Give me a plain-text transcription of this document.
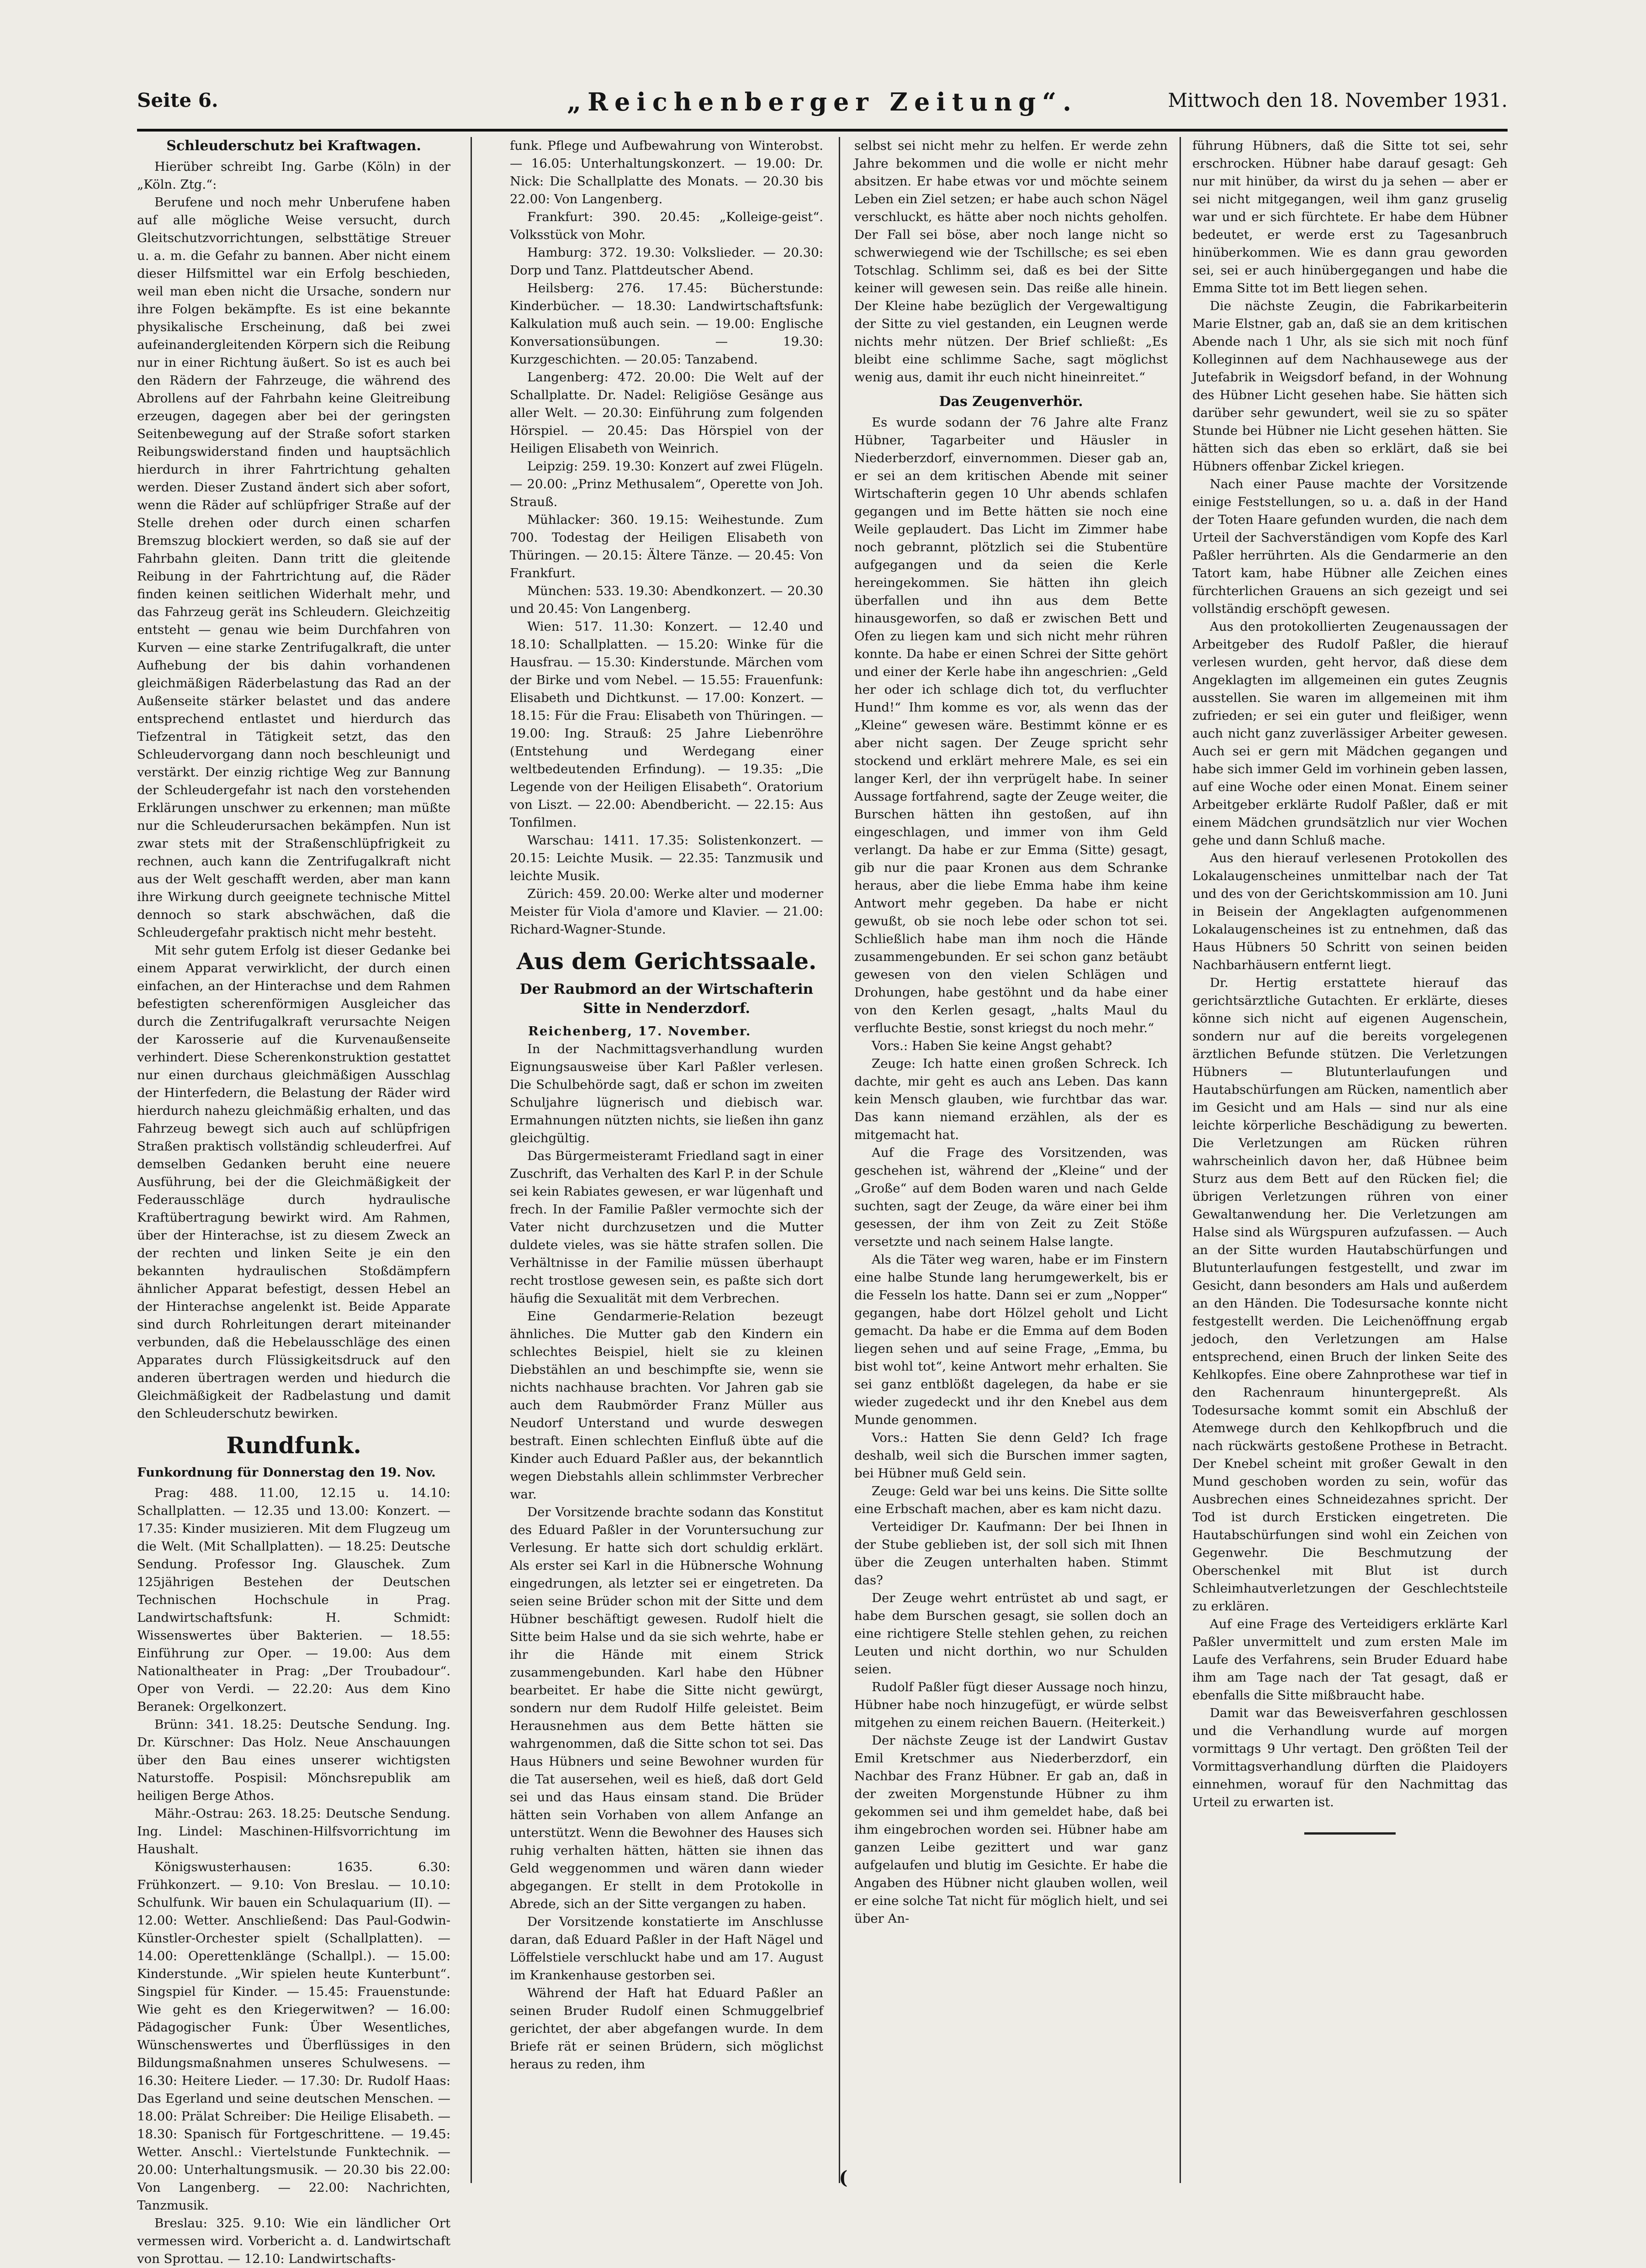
Seite 6.	„Reichenberger Zeitung“.	Mittwoch den 18. November 1931.
Schleuderschutz bei Kraftwagen.

Hierüber schreibt Ing. Garbe (Köln) in der „Köln. Ztg.“:

Berufene und noch mehr Unberufene haben auf alle mögliche Weise versucht, durch Gleitschutzvorrichtungen, selbsttätige Streuer u. a. m. die Gefahr zu bannen. Aber nicht einem dieser Hilfsmittel war ein Erfolg beschieden, weil man eben nicht die Ursache, sondern nur ihre Folgen bekämpfte. Es ist eine bekannte physikalische Erscheinung, daß bei zwei aufeinandergleitenden Körpern sich die Reibung nur in einer Richtung äußert. So ist es auch bei den Rädern der Fahrzeuge, die während des Abrollens auf der Fahrbahn keine Gleitreibung erzeugen, dagegen aber bei der geringsten Seitenbewegung auf der Straße sofort starken Reibungswiderstand finden und hauptsächlich hierdurch in ihrer Fahrtrichtung gehalten werden. Dieser Zustand ändert sich aber sofort, wenn die Räder auf schlüpfriger Straße auf der Stelle drehen oder durch einen scharfen Bremszug blockiert werden, so daß sie auf der Fahrbahn gleiten. Dann tritt die gleitende Reibung in der Fahrtrichtung auf, die Räder finden keinen seitlichen Widerhalt mehr, und das Fahrzeug gerät ins Schleudern. Gleichzeitig entsteht — genau wie beim Durchfahren von Kurven — eine starke Zentrifugalkraft, die unter Aufhebung der bis dahin vorhandenen gleichmäßigen Räderbelastung das Rad an der Außenseite stärker belastet und das andere entsprechend entlastet und hierdurch das Tiefzentral in Tätigkeit setzt, das den Schleudervorgang dann noch beschleunigt und verstärkt. Der einzig richtige Weg zur Bannung der Schleudergefahr ist nach den vorstehenden Erklärungen unschwer zu erkennen; man müßte nur die Schleuderursachen bekämpfen. Nun ist zwar stets mit der Straßenschlüpfrigkeit zu rechnen, auch kann die Zentrifugalkraft nicht aus der Welt geschafft werden, aber man kann ihre Wirkung durch geeignete technische Mittel dennoch so stark abschwächen, daß die Schleudergefahr praktisch nicht mehr besteht.

Mit sehr gutem Erfolg ist dieser Gedanke bei einem Apparat verwirklicht, der durch einen einfachen, an der Hinterachse und dem Rahmen befestigten scherenförmigen Ausgleicher das durch die Zentrifugalkraft verursachte Neigen der Karosserie auf die Kurvenaußenseite verhindert. Diese Scherenkonstruktion gestattet nur einen durchaus gleichmäßigen Ausschlag der Hinterfedern, die Belastung der Räder wird hierdurch nahezu gleichmäßig erhalten, und das Fahrzeug bewegt sich auch auf schlüpfrigen Straßen praktisch vollständig schleuderfrei. Auf demselben Gedanken beruht eine neuere Ausführung, bei der die Gleichmäßigkeit der Federausschläge durch hydraulische Kraftübertragung bewirkt wird. Am Rahmen, über der Hinterachse, ist zu diesem Zweck an der rechten und linken Seite je ein den bekannten hydraulischen Stoßdämpfern ähnlicher Apparat befestigt, dessen Hebel an der Hinterachse angelenkt ist. Beide Apparate sind durch Rohrleitungen derart miteinander verbunden, daß die Hebelausschläge des einen Apparates durch Flüssigkeitsdruck auf den anderen übertragen werden und hiedurch die Gleichmäßigkeit der Radbelastung und damit den Schleuderschutz bewirken.

Rundfunk.

Funkordnung für Donnerstag den 19. Nov.

Prag: 488. 11.00, 12.15 u. 14.10: Schallplatten. — 12.35 und 13.00: Konzert. — 17.35: Kinder musizieren. Mit dem Flugzeug um die Welt. (Mit Schallplatten). — 18.25: Deutsche Sendung. Professor Ing. Glauschek. Zum 125jährigen Bestehen der Deutschen Technischen Hochschule in Prag. Landwirtschaftsfunk: H. Schmidt: Wissenswertes über Bakterien. — 18.55: Einführung zur Oper. — 19.00: Aus dem Nationaltheater in Prag: „Der Troubadour“. Oper von Verdi. — 22.20: Aus dem Kino Beranek: Orgelkonzert.

Brünn: 341. 18.25: Deutsche Sendung. Ing. Dr. Kürschner: Das Holz. Neue Anschauungen über den Bau eines unserer wichtigsten Naturstoffe. Pospisil: Mönchsrepublik am heiligen Berge Athos.

Mähr.-Ostrau: 263. 18.25: Deutsche Sendung. Ing. Lindel: Maschinen-Hilfsvorrichtung im Haushalt.

Königswusterhausen: 1635. 6.30: Frühkonzert. — 9.10: Von Breslau. — 10.10: Schulfunk. Wir bauen ein Schulaquarium (II). — 12.00: Wetter. Anschließend: Das Paul-Godwin-Künstler-Orchester spielt (Schallplatten). — 14.00: Operettenklänge (Schallpl.). — 15.00: Kinderstunde. „Wir spielen heute Kunterbunt“. Singspiel für Kinder. — 15.45: Frauenstunde: Wie geht es den Kriegerwitwen? — 16.00: Pädagogischer Funk: Über Wesentliches, Wünschenswertes und Überflüssiges in den Bildungsmaßnahmen unseres Schulwesens. — 16.30: Heitere Lieder. — 17.30: Dr. Rudolf Haas: Das Egerland und seine deutschen Menschen. — 18.00: Prälat Schreiber: Die Heilige Elisabeth. — 18.30: Spanisch für Fortgeschrittene. — 19.45: Wetter. Anschl.: Viertelstunde Funktechnik. — 20.00: Unterhaltungsmusik. — 20.30 bis 22.00: Von Langenberg. — 22.00: Nachrichten, Tanzmusik.

Breslau: 325. 9.10: Wie ein ländlicher Ort vermessen wird. Vorbericht a. d. Landwirtschaft von Sprottau. — 12.10: Landwirtschafts-

funk. Pflege und Aufbewahrung von Winterobst. — 16.05: Unterhaltungskonzert. — 19.00: Dr. Nick: Die Schallplatte des Monats. — 20.30 bis 22.00: Von Langenberg.

Frankfurt: 390. 20.45: „Kolleige-geist“. Volksstück von Mohr.

Hamburg: 372. 19.30: Volkslieder. — 20.30: Dorp und Tanz. Plattdeutscher Abend.

Heilsberg: 276. 17.45: Bücherstunde: Kinderbücher. — 18.30: Landwirtschaftsfunk: Kalkulation muß auch sein. — 19.00: Englische Konversationsübungen. — 19.30: Kurzgeschichten. — 20.05: Tanzabend.

Langenberg: 472. 20.00: Die Welt auf der Schallplatte. Dr. Nadel: Religiöse Gesänge aus aller Welt. — 20.30: Einführung zum folgenden Hörspiel. — 20.45: Das Hörspiel von der Heiligen Elisabeth von Weinrich.

Leipzig: 259. 19.30: Konzert auf zwei Flügeln. — 20.00: „Prinz Methusalem“, Operette von Joh. Strauß.

Mühlacker: 360. 19.15: Weihestunde. Zum 700. Todestag der Heiligen Elisabeth von Thüringen. — 20.15: Ältere Tänze. — 20.45: Von Frankfurt.

München: 533. 19.30: Abendkonzert. — 20.30 und 20.45: Von Langenberg.

Wien: 517. 11.30: Konzert. — 12.40 und 18.10: Schallplatten. — 15.20: Winke für die Hausfrau. — 15.30: Kinderstunde. Märchen vom der Birke und vom Nebel. — 15.55: Frauenfunk: Elisabeth und Dichtkunst. — 17.00: Konzert. — 18.15: Für die Frau: Elisabeth von Thüringen. — 19.00: Ing. Strauß: 25 Jahre Liebenröhre (Entstehung und Werdegang einer weltbedeutenden Erfindung). — 19.35: „Die Legende von der Heiligen Elisabeth“. Oratorium von Liszt. — 22.00: Abendbericht. — 22.15: Aus Tonfilmen.

Warschau: 1411. 17.35: Solistenkonzert. — 20.15: Leichte Musik. — 22.35: Tanzmusik und leichte Musik.

Zürich: 459. 20.00: Werke alter und moderner Meister für Viola d'amore und Klavier. — 21.00: Richard-Wagner-Stunde.

Aus dem Gerichtssaale.
Der Raubmord an der Wirtschafterin Sitte in Nenderzdorf.

Reichenberg, 17. November.

In der Nachmittagsverhandlung wurden Eignungsausweise über Karl Paßler verlesen. Die Schulbehörde sagt, daß er schon im zweiten Schuljahre lügnerisch und diebisch war. Ermahnungen nützten nichts, sie ließen ihn ganz gleichgültig.

Das Bürgermeisteramt Friedland sagt in einer Zuschrift, das Verhalten des Karl P. in der Schule sei kein Rabiates gewesen, er war lügenhaft und frech. In der Familie Paßler vermochte sich der Vater nicht durchzusetzen und die Mutter duldete vieles, was sie hätte strafen sollen. Die Verhältnisse in der Familie müssen überhaupt recht trostlose gewesen sein, es paßte sich dort häufig die Sexualität mit dem Verbrechen.

Eine Gendarmerie-Relation bezeugt ähnliches. Die Mutter gab den Kindern ein schlechtes Beispiel, hielt sie zu kleinen Diebstählen an und beschimpfte sie, wenn sie nichts nachhause brachten. Vor Jahren gab sie auch dem Raubmörder Franz Müller aus Neudorf Unterstand und wurde deswegen bestraft. Einen schlechten Einfluß übte auf die Kinder auch Eduard Paßler aus, der bekanntlich wegen Diebstahls allein schlimmster Verbrecher war.

Der Vorsitzende brachte sodann das Konstitut des Eduard Paßler in der Voruntersuchung zur Verlesung. Er hatte sich dort schuldig erklärt. Als erster sei Karl in die Hübnersche Wohnung eingedrungen, als letzter sei er eingetreten. Da seien seine Brüder schon mit der Sitte und dem Hübner beschäftigt gewesen. Rudolf hielt die Sitte beim Halse und da sie sich wehrte, habe er ihr die Hände mit einem Strick zusammengebunden. Karl habe den Hübner bearbeitet. Er habe die Sitte nicht gewürgt, sondern nur dem Rudolf Hilfe geleistet. Beim Herausnehmen aus dem Bette hätten sie wahrgenommen, daß die Sitte schon tot sei. Das Haus Hübners und seine Bewohner wurden für die Tat ausersehen, weil es hieß, daß dort Geld sei und das Haus einsam stand. Die Brüder hätten sein Vorhaben von allem Anfange an unterstützt. Wenn die Bewohner des Hauses sich ruhig verhalten hätten, hätten sie ihnen das Geld weggenommen und wären dann wieder abgegangen. Er stellt in dem Protokolle in Abrede, sich an der Sitte vergangen zu haben.

Der Vorsitzende konstatierte im Anschlusse daran, daß Eduard Paßler in der Haft Nägel und Löffelstiele verschluckt habe und am 17. August im Krankenhause gestorben sei.

Während der Haft hat Eduard Paßler an seinen Bruder Rudolf einen Schmuggelbrief gerichtet, der aber abgefangen wurde. In dem Briefe rät er seinen Brüdern, sich möglichst heraus zu reden, ihm

selbst sei nicht mehr zu helfen. Er werde zehn Jahre bekommen und die wolle er nicht mehr absitzen. Er habe etwas vor und möchte seinem Leben ein Ziel setzen; er habe auch schon Nägel verschluckt, es hätte aber noch nichts geholfen. Der Fall sei böse, aber noch lange nicht so schwerwiegend wie der Tschillsche; es sei eben Totschlag. Schlimm sei, daß es bei der Sitte keiner will gewesen sein. Das reiße alle hinein. Der Kleine habe bezüglich der Vergewaltigung der Sitte zu viel gestanden, ein Leugnen werde nichts mehr nützen. Der Brief schließt: „Es bleibt eine schlimme Sache, sagt möglichst wenig aus, damit ihr euch nicht hineinreitet.“

Das Zeugenverhör.

Es wurde sodann der 76 Jahre alte Franz Hübner, Tagarbeiter und Häusler in Niederberzdorf, einvernommen. Dieser gab an, er sei an dem kritischen Abende mit seiner Wirtschafterin gegen 10 Uhr abends schlafen gegangen und im Bette hätten sie noch eine Weile geplaudert. Das Licht im Zimmer habe noch gebrannt, plötzlich sei die Stubentüre aufgegangen und da seien die Kerle hereingekommen. Sie hätten ihn gleich überfallen und ihn aus dem Bette hinausgeworfen, so daß er zwischen Bett und Ofen zu liegen kam und sich nicht mehr rühren konnte. Da habe er einen Schrei der Sitte gehört und einer der Kerle habe ihn angeschrien: „Geld her oder ich schlage dich tot, du verfluchter Hund!“ Ihm komme es vor, als wenn das der „Kleine“ gewesen wäre. Bestimmt könne er es aber nicht sagen. Der Zeuge spricht sehr stockend und erklärt mehrere Male, es sei ein langer Kerl, der ihn verprügelt habe. In seiner Aussage fortfahrend, sagte der Zeuge weiter, die Burschen hätten ihn gestoßen, auf ihn eingeschlagen, und immer von ihm Geld verlangt. Da habe er zur Emma (Sitte) gesagt, gib nur die paar Kronen aus dem Schranke heraus, aber die liebe Emma habe ihm keine Antwort mehr gegeben. Da habe er nicht gewußt, ob sie noch lebe oder schon tot sei. Schließlich habe man ihm noch die Hände zusammengebunden. Er sei schon ganz betäubt gewesen von den vielen Schlägen und Drohungen, habe gestöhnt und da habe einer von den Kerlen gesagt, „halts Maul du verfluchte Bestie, sonst kriegst du noch mehr.“

Vors.: Haben Sie keine Angst gehabt?

Zeuge: Ich hatte einen großen Schreck. Ich dachte, mir geht es auch ans Leben. Das kann kein Mensch glauben, wie furchtbar das war. Das kann niemand erzählen, als der es mitgemacht hat.

Auf die Frage des Vorsitzenden, was geschehen ist, während der „Kleine“ und der „Große“ auf dem Boden waren und nach Gelde suchten, sagt der Zeuge, da wäre einer bei ihm gesessen, der ihm von Zeit zu Zeit Stöße versetzte und nach seinem Halse langte.

Als die Täter weg waren, habe er im Finstern eine halbe Stunde lang herumgewerkelt, bis er die Fesseln los hatte. Dann sei er zum „Nopper“ gegangen, habe dort Hölzel geholt und Licht gemacht. Da habe er die Emma auf dem Boden liegen sehen und auf seine Frage, „Emma, bu bist wohl tot“, keine Antwort mehr erhalten. Sie sei ganz entblößt dagelegen, da habe er sie wieder zugedeckt und ihr den Knebel aus dem Munde genommen.

Vors.: Hatten Sie denn Geld? Ich frage deshalb, weil sich die Burschen immer sagten, bei Hübner muß Geld sein.

Zeuge: Geld war bei uns keins. Die Sitte sollte eine Erbschaft machen, aber es kam nicht dazu.

Verteidiger Dr. Kaufmann: Der bei Ihnen in der Stube geblieben ist, der soll sich mit Ihnen über die Zeugen unterhalten haben. Stimmt das?

Der Zeuge wehrt entrüstet ab und sagt, er habe dem Burschen gesagt, sie sollen doch an eine richtigere Stelle stehlen gehen, zu reichen Leuten und nicht dorthin, wo nur Schulden seien.

Rudolf Paßler fügt dieser Aussage noch hinzu, Hübner habe noch hinzugefügt, er würde selbst mitgehen zu einem reichen Bauern. (Heiterkeit.)

Der nächste Zeuge ist der Landwirt Gustav Emil Kretschmer aus Niederberzdorf, ein Nachbar des Franz Hübner. Er gab an, daß in der zweiten Morgenstunde Hübner zu ihm gekommen sei und ihm gemeldet habe, daß bei ihm eingebrochen worden sei. Hübner habe am ganzen Leibe gezittert und war ganz aufgelaufen und blutig im Gesichte. Er habe die Angaben des Hübner nicht glauben wollen, weil er eine solche Tat nicht für möglich hielt, und sei über An-

führung Hübners, daß die Sitte tot sei, sehr erschrocken. Hübner habe darauf gesagt: Geh nur mit hinüber, da wirst du ja sehen — aber er sei nicht mitgegangen, weil ihm ganz gruselig war und er sich fürchtete. Er habe dem Hübner bedeutet, er werde erst zu Tagesanbruch hinüberkommen. Wie es dann grau geworden sei, sei er auch hinübergegangen und habe die Emma Sitte tot im Bett liegen sehen.

Die nächste Zeugin, die Fabrikarbeiterin Marie Elstner, gab an, daß sie an dem kritischen Abende nach 1 Uhr, als sie sich mit noch fünf Kolleginnen auf dem Nachhausewege aus der Jutefabrik in Weigsdorf befand, in der Wohnung des Hübner Licht gesehen habe. Sie hätten sich darüber sehr gewundert, weil sie zu so später Stunde bei Hübner nie Licht gesehen hätten. Sie hätten sich das eben so erklärt, daß sie bei Hübners offenbar Zickel kriegen.

Nach einer Pause machte der Vorsitzende einige Feststellungen, so u. a. daß in der Hand der Toten Haare gefunden wurden, die nach dem Urteil der Sachverständigen vom Kopfe des Karl Paßler herrührten. Als die Gendarmerie an den Tatort kam, habe Hübner alle Zeichen eines fürchterlichen Grauens an sich gezeigt und sei vollständig erschöpft gewesen.

Aus den protokollierten Zeugenaussagen der Arbeitgeber des Rudolf Paßler, die hierauf verlesen wurden, geht hervor, daß diese dem Angeklagten im allgemeinen ein gutes Zeugnis ausstellen. Sie waren im allgemeinen mit ihm zufrieden; er sei ein guter und fleißiger, wenn auch nicht ganz zuverlässiger Arbeiter gewesen. Auch sei er gern mit Mädchen gegangen und habe sich immer Geld im vorhinein geben lassen, auf eine Woche oder einen Monat. Einem seiner Arbeitgeber erklärte Rudolf Paßler, daß er mit einem Mädchen grundsätzlich nur vier Wochen gehe und dann Schluß mache.

Aus den hierauf verlesenen Protokollen des Lokalaugenscheines unmittelbar nach der Tat und des von der Gerichtskommission am 10. Juni in Beisein der Angeklagten aufgenommenen Lokalaugenscheines ist zu entnehmen, daß das Haus Hübners 50 Schritt von seinen beiden Nachbarhäusern entfernt liegt.

Dr. Hertig erstattete hierauf das gerichtsärztliche Gutachten. Er erklärte, dieses könne sich nicht auf eigenen Augenschein, sondern nur auf die bereits vorgelegenen ärztlichen Befunde stützen. Die Verletzungen Hübners — Blutunterlaufungen und Hautabschürfungen am Rücken, namentlich aber im Gesicht und am Hals — sind nur als eine leichte körperliche Beschädigung zu bewerten. Die Verletzungen am Rücken rühren wahrscheinlich davon her, daß Hübnee beim Sturz aus dem Bett auf den Rücken fiel; die übrigen Verletzungen rühren von einer Gewaltanwendung her. Die Verletzungen am Halse sind als Würgspuren aufzufassen. — Auch an der Sitte wurden Hautabschürfungen und Blutunterlaufungen festgestellt, und zwar im Gesicht, dann besonders am Hals und außerdem an den Händen. Die Todesursache konnte nicht festgestellt werden. Die Leichenöffnung ergab jedoch, den Verletzungen am Halse entsprechend, einen Bruch der linken Seite des Kehlkopfes. Eine obere Zahnprothese war tief in den Rachenraum hinuntergepreßt. Als Todesursache kommt somit ein Abschluß der Atemwege durch den Kehlkopfbruch und die nach rückwärts gestoßene Prothese in Betracht. Der Knebel scheint mit großer Gewalt in den Mund geschoben worden zu sein, wofür das Ausbrechen eines Schneidezahnes spricht. Der Tod ist durch Ersticken eingetreten. Die Hautabschürfungen sind wohl ein Zeichen von Gegenwehr. Die Beschmutzung der Oberschenkel mit Blut ist durch Schleimhautverletzungen der Geschlechtsteile zu erklären.

Auf eine Frage des Verteidigers erklärte Karl Paßler unvermittelt und zum ersten Male im Laufe des Verfahrens, sein Bruder Eduard habe ihm am Tage nach der Tat gesagt, daß er ebenfalls die Sitte mißbraucht habe.

Damit war das Beweisverfahren geschlossen und die Verhandlung wurde auf morgen vormittags 9 Uhr vertagt. Den größten Teil der Vormittagsverhandlung dürften die Plaidoyers einnehmen, worauf für den Nachmittag das Urteil zu erwarten ist.

(
